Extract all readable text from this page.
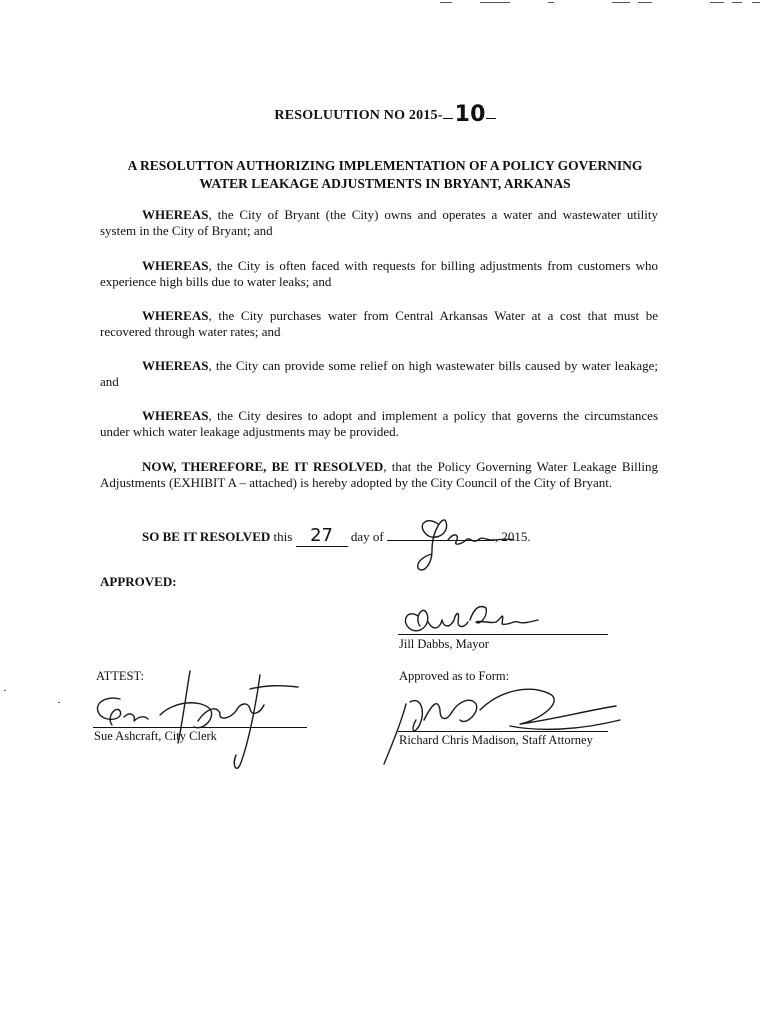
RESOLUUTION NO 2015- 10
A RESOLUTTON AUTHORIZING IMPLEMENTATION OF A POLICY GOVERNING
WATER LEAKAGE ADJUSTMENTS IN BRYANT, ARKANAS
WHEREAS, the City of Bryant (the City) owns and operates a water and wastewater utility system in the City of Bryant; and
WHEREAS, the City is often faced with requests for billing adjustments from customers who experience high bills due to water leaks; and
WHEREAS, the City purchases water from Central Arkansas Water at a cost that must be recovered through water rates; and
WHEREAS, the City can provide some relief on high wastewater bills caused by water leakage; and
WHEREAS, the City desires to adopt and implement a policy that governs the circumstances under which water leakage adjustments may be provided.
NOW, THEREFORE, BE IT RESOLVED, that the Policy Governing Water Leakage Billing Adjustments (EXHIBIT A – attached) is hereby adopted by the City Council of the City of Bryant.
SO BE IT RESOLVED this 27 day of	, 2015.
APPROVED:
Jill Dabbs, Mayor
ATTEST:
Sue Ashcraft, City Clerk
Approved as to Form:
Richard Chris Madison, Staff Attorney
